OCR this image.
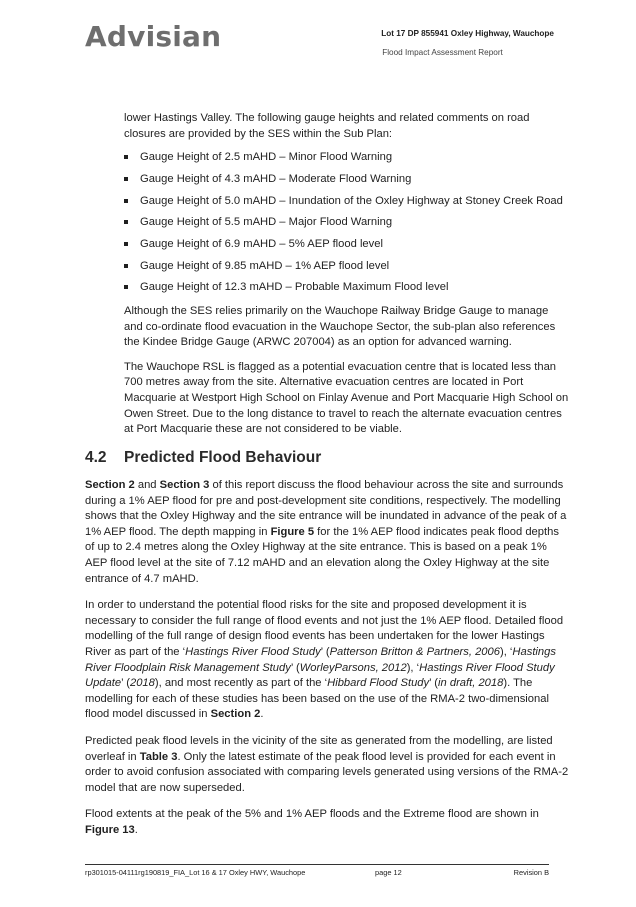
Advisian	Lot 17 DP 855941 Oxley Highway, Wauchope
Flood Impact Assessment Report

lower Hastings Valley. The following gauge heights and related comments on road closures are provided by the SES within the Sub Plan:

Gauge Height of 2.5 mAHD – Minor Flood Warning
Gauge Height of 4.3 mAHD – Moderate Flood Warning
Gauge Height of 5.0 mAHD – Inundation of the Oxley Highway at Stoney Creek Road
Gauge Height of 5.5 mAHD – Major Flood Warning
Gauge Height of 6.9 mAHD – 5% AEP flood level
Gauge Height of 9.85 mAHD – 1% AEP flood level
Gauge Height of 12.3 mAHD – Probable Maximum Flood level

Although the SES relies primarily on the Wauchope Railway Bridge Gauge to manage and co-ordinate flood evacuation in the Wauchope Sector, the sub-plan also references the Kindee Bridge Gauge (ARWC 207004) as an option for advanced warning.

The Wauchope RSL is flagged as a potential evacuation centre that is located less than 700 metres away from the site. Alternative evacuation centres are located in Port Macquarie at Westport High School on Finlay Avenue and Port Macquarie High School on Owen Street. Due to the long distance to travel to reach the alternate evacuation centres at Port Macquarie these are not considered to be viable.

4.2 Predicted Flood Behaviour

Section 2 and Section 3 of this report discuss the flood behaviour across the site and surrounds during a 1% AEP flood for pre and post-development site conditions, respectively. The modelling shows that the Oxley Highway and the site entrance will be inundated in advance of the peak of a 1% AEP flood. The depth mapping in Figure 5 for the 1% AEP flood indicates peak flood depths of up to 2.4 metres along the Oxley Highway at the site entrance. This is based on a peak 1% AEP flood level at the site of 7.12 mAHD and an elevation along the Oxley Highway at the site entrance of 4.7 mAHD.

In order to understand the potential flood risks for the site and proposed development it is necessary to consider the full range of flood events and not just the 1% AEP flood. Detailed flood modelling of the full range of design flood events has been undertaken for the lower Hastings River as part of the ‘Hastings River Flood Study’ (Patterson Britton & Partners, 2006), ‘Hastings River Floodplain Risk Management Study’ (WorleyParsons, 2012), ‘Hastings River Flood Study Update’ (2018), and most recently as part of the ‘Hibbard Flood Study’ (in draft, 2018). The modelling for each of these studies has been based on the use of the RMA-2 two-dimensional flood model discussed in Section 2.

Predicted peak flood levels in the vicinity of the site as generated from the modelling, are listed overleaf in Table 3. Only the latest estimate of the peak flood level is provided for each event in order to avoid confusion associated with comparing levels generated using versions of the RMA-2 model that are now superseded.

Flood extents at the peak of the 5% and 1% AEP floods and the Extreme flood are shown in Figure 13.

rp301015-04111rg190819_FIA_Lot 16 & 17 Oxley HWY, Wauchope	page 12	Revision B
